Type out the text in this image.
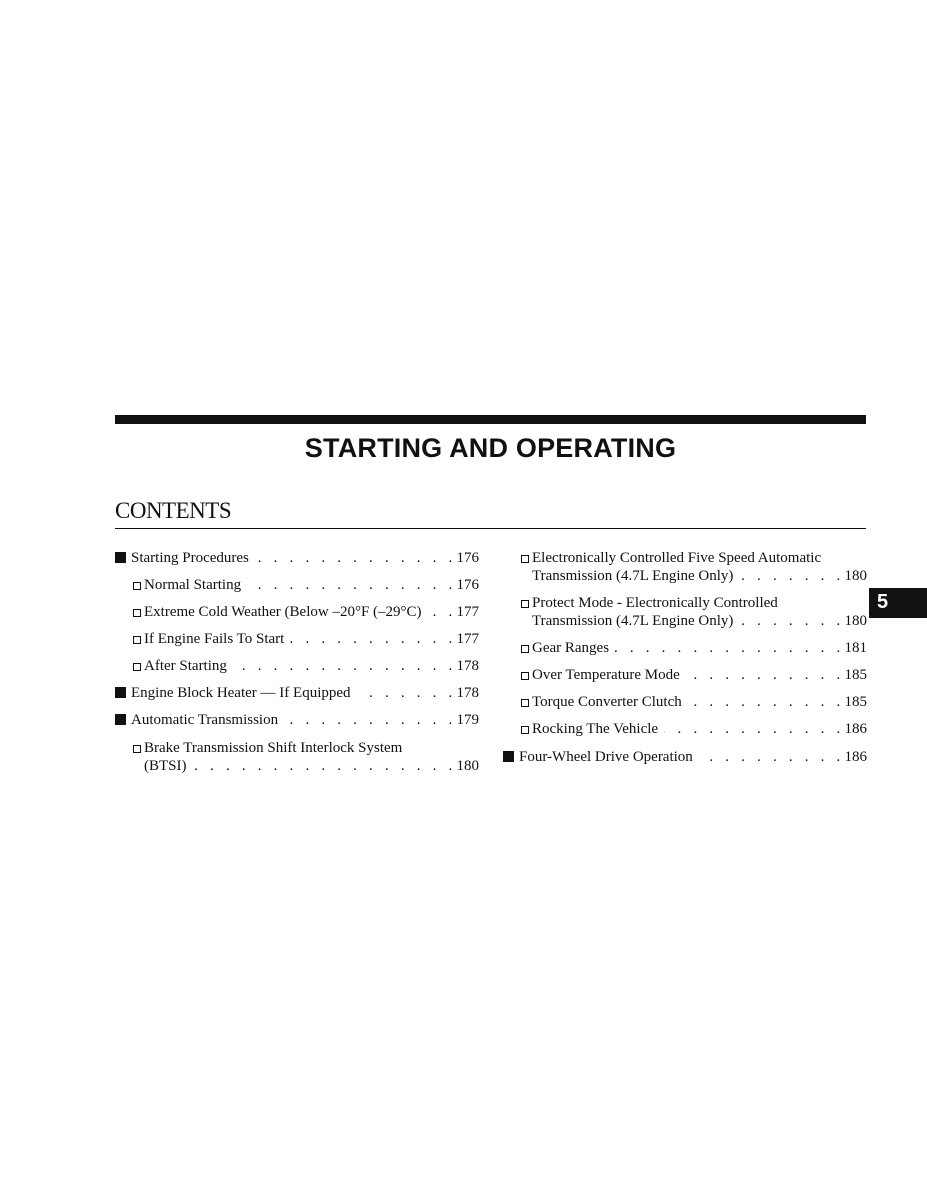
STARTING AND OPERATING
CONTENTS
Starting Procedures . . .	176
Normal Starting . . .	176
Extreme Cold Weather (Below –20°F (–29°C) . . .	177
If Engine Fails To Start . . .	177
After Starting . . .	178
Engine Block Heater — If Equipped . . .	178
Automatic Transmission . . .	179
Brake Transmission Shift Interlock System
(BTSI) . . .	180
Electronically Controlled Five Speed Automatic
Transmission (4.7L Engine Only) . . .	180
Protect Mode - Electronically Controlled
Transmission (4.7L Engine Only) . . .	180
Gear Ranges . . .	181
Over Temperature Mode . . .	185
Torque Converter Clutch . . .	185
Rocking The Vehicle . . .	186
Four-Wheel Drive Operation . . .	186
5
